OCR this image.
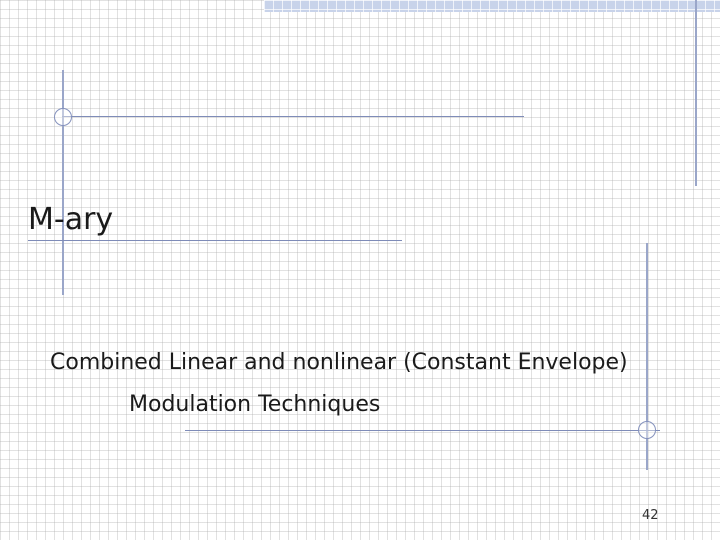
M-ary
Combined Linear and nonlinear (Constant Envelope)
Modulation Techniques
42
